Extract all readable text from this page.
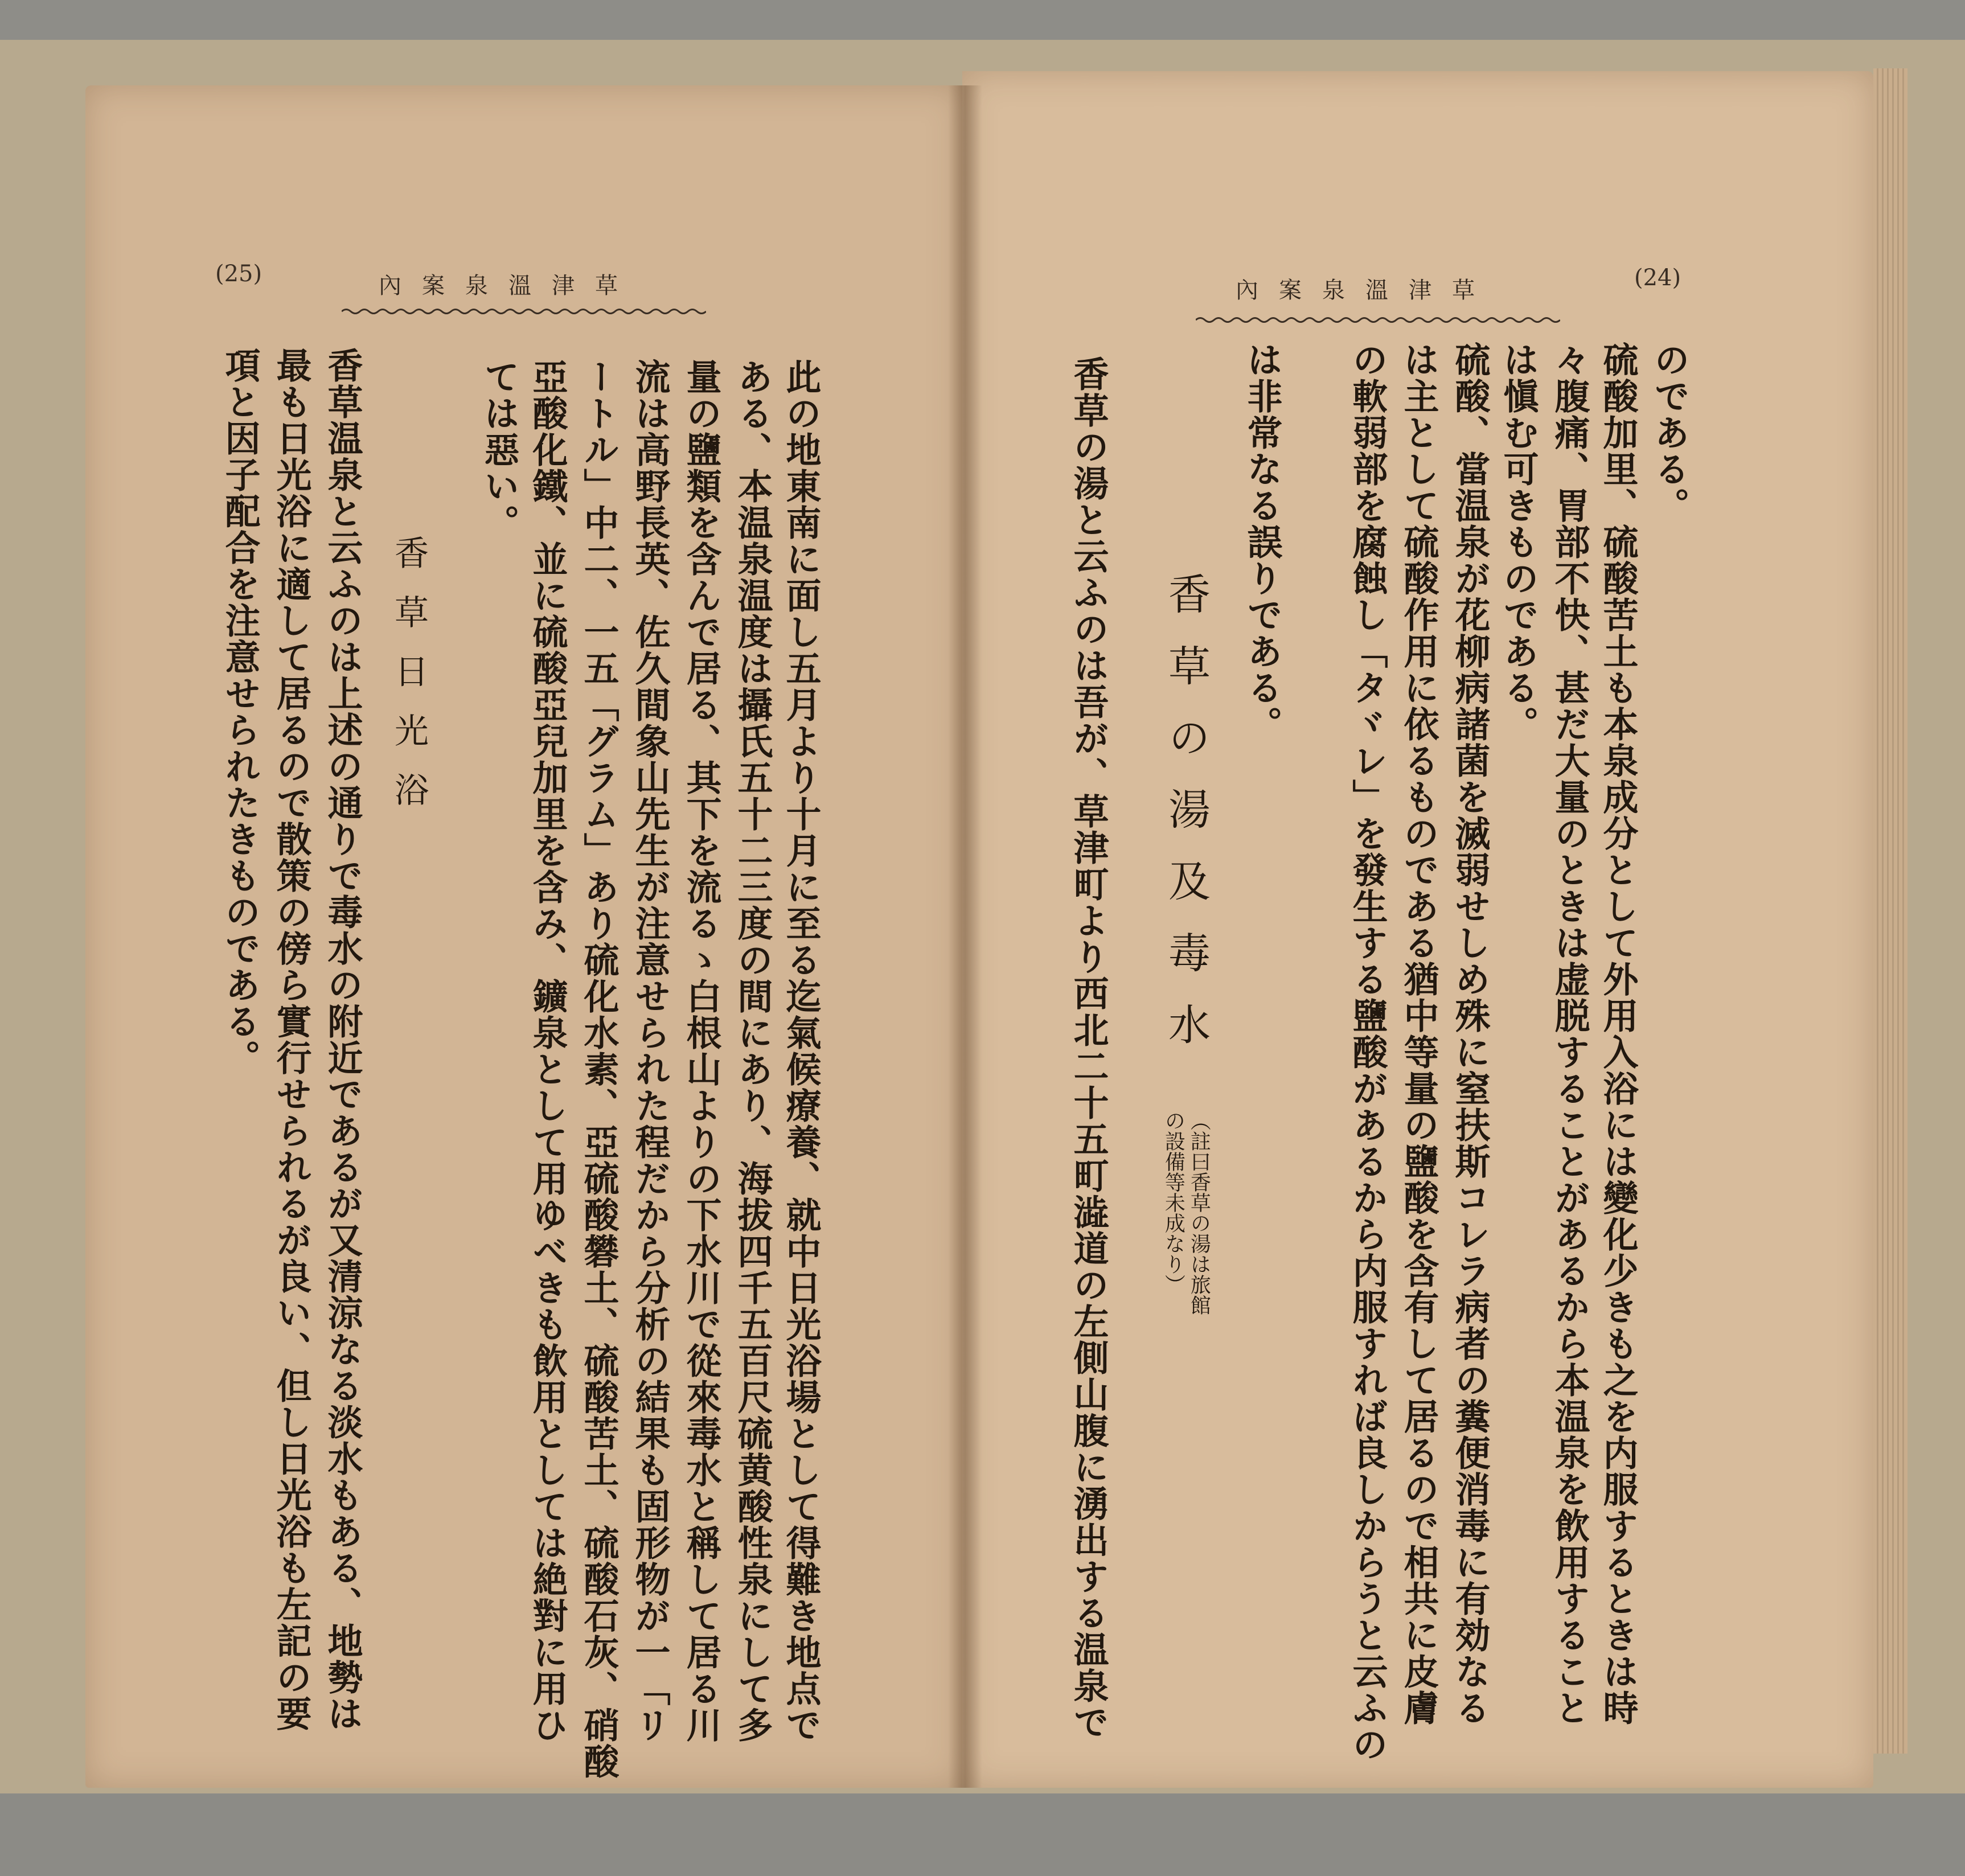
(25)	內案泉溫津草
此の地東南に面し五月より十月に至る迄氣候療養、就中日光浴場として得難き地点で
ある、本温泉温度は攝氏五十二三度の間にあり、海拔四千五百尺硫黄酸性泉にして多
量の鹽類を含んで居る、其下を流るゝ白根山よりの下水川で從來毒水と稱して居る川
流は高野長英、佐久間象山先生が注意せられた程だから分析の結果も固形物が一「リ
ートル」中二、一五「グラム」あり硫化水素、亞硫酸礬土、硫酸苦土、硫酸石灰、硝酸
亞酸化鐵、並に硫酸亞兒加里を含み、鑛泉として用ゆべきも飲用としては絶對に用ひ
ては惡い。
香草日光浴
香草温泉と云ふのは上述の通りで毒水の附近であるが又清涼なる淡水もある、地勢は
最も日光浴に適して居るので散策の傍ら實行せられるが良い、但し日光浴も左記の要
項と因子配合を注意せられたきものである。
內案泉溫津草	(24)
のである。
硫酸加里、硫酸苦土も本泉成分として外用入浴には變化少きも之を内服するときは時
々腹痛、胃部不快、甚だ大量のときは虚脱することがあるから本温泉を飲用すること
は愼む可きものである。
硫酸、當温泉が花柳病諸菌を滅弱せしめ殊に窒扶斯コレラ病者の糞便消毒に有効なる
は主として硫酸作用に依るものである猶中等量の鹽酸を含有して居るので相共に皮膚
の軟弱部を腐蝕し「タヾレ」を發生する鹽酸があるから内服すれば良しからうと云ふの
は非常なる誤りである。
香草の湯及毒水
（註曰香草の湯は旅館
の設備等未成なり）
香草の湯と云ふのは吾が、草津町より西北二十五町澁道の左側山腹に湧出する温泉で
